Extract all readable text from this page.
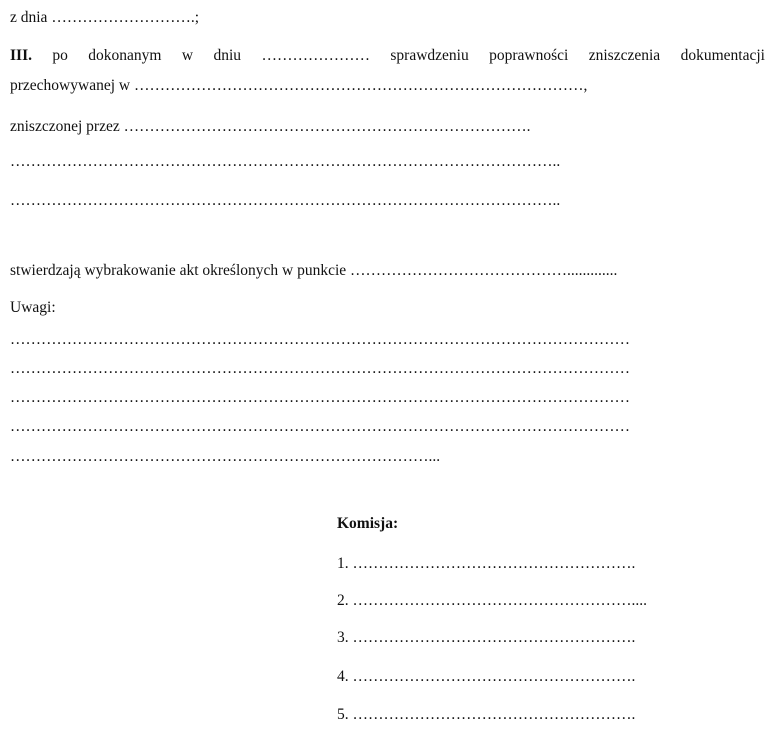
z dnia ……………………….;
III. po dokonanym w dniu ………………… sprawdzeniu poprawności zniszczenia dokumentacji
przechowywanej w ……………………………………………………………………………,
zniszczonej przez …………………………………………………………………….
……………………………………………………………………………………………..
……………………………………………………………………………………………..
stwierdzają wybrakowanie akt określonych w punkcie …………………………………….............
Uwagi:
…………………………………………………………………………………………………………
…………………………………………………………………………………………………………
…………………………………………………………………………………………………………
…………………………………………………………………………………………………………
………………………………………………………………………...
Komisja:
1. ……………………………………………….
2. ………………………………………………....
3. ……………………………………………….
4. ……………………………………………….
5. ……………………………………………….
